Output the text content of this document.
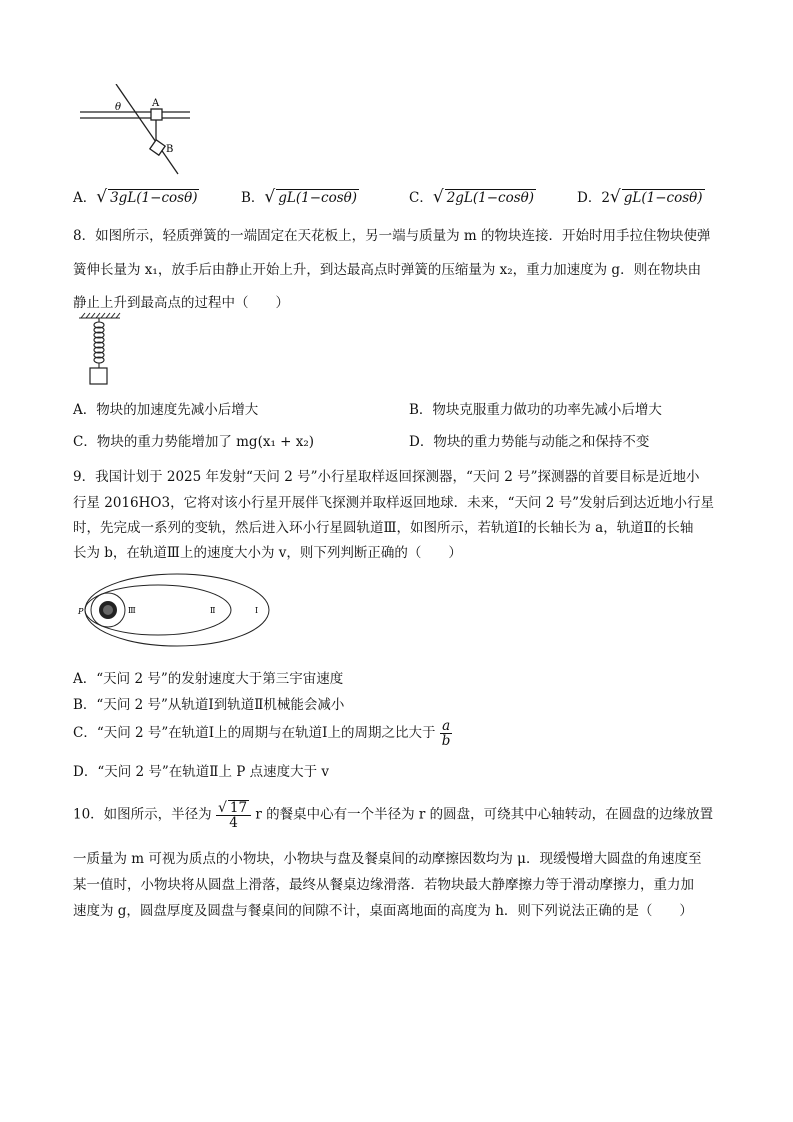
θ	A
B
A．√ 3gL(1−cosθ)	B．√ gL(1−cosθ)	C．√ 2gL(1−cosθ)	D．2√ gL(1−cosθ)
8．如图所示，轻质弹簧的一端固定在天花板上，另一端与质量为 m 的物块连接．开始时用手拉住物块使弹
簧伸长量为 x₁，放手后由静止开始上升，到达最高点时弹簧的压缩量为 x₂，重力加速度为 g．则在物块由
静止上升到最高点的过程中（　　）
A．物块的加速度先减小后增大	B．物块克服重力做功的功率先减小后增大
C．物块的重力势能增加了 mg(x₁ + x₂)	D．物块的重力势能与动能之和保持不变
9．我国计划于 2025 年发射“天问 2 号”小行星取样返回探测器，“天问 2 号”探测器的首要目标是近地小
行星 2016HO3，它将对该小行星开展伴飞探测并取样返回地球．未来，“天问 2 号”发射后到达近地小行星
时，先完成一系列的变轨，然后进入环小行星圆轨道Ⅲ，如图所示，若轨道Ⅰ的长轴长为 a，轨道Ⅱ的长轴
长为 b，在轨道Ⅲ上的速度大小为 v，则下列判断正确的（　　）
P	Ⅲ	Ⅱ	Ⅰ
A．“天问 2 号”的发射速度大于第三宇宙速度
B．“天问 2 号”从轨道Ⅰ到轨道Ⅱ机械能会减小
C．“天问 2 号”在轨道Ⅰ上的周期与在轨道Ⅰ上的周期之比大于 $\frac{a}{b}$
D．“天问 2 号”在轨道Ⅱ上 P 点速度大于 v
10．如图所示，半径为 $\frac{√ 17}{4}$ r 的餐桌中心有一个半径为 r 的圆盘，可绕其中心轴转动，在圆盘的边缘放置
一质量为 m 可视为质点的小物块，小物块与盘及餐桌间的动摩擦因数均为 μ．现缓慢增大圆盘的角速度至
某一值时，小物块将从圆盘上滑落，最终从餐桌边缘滑落．若物块最大静摩擦力等于滑动摩擦力，重力加
速度为 g，圆盘厚度及圆盘与餐桌间的间隙不计，桌面离地面的高度为 h．则下列说法正确的是（　　）
